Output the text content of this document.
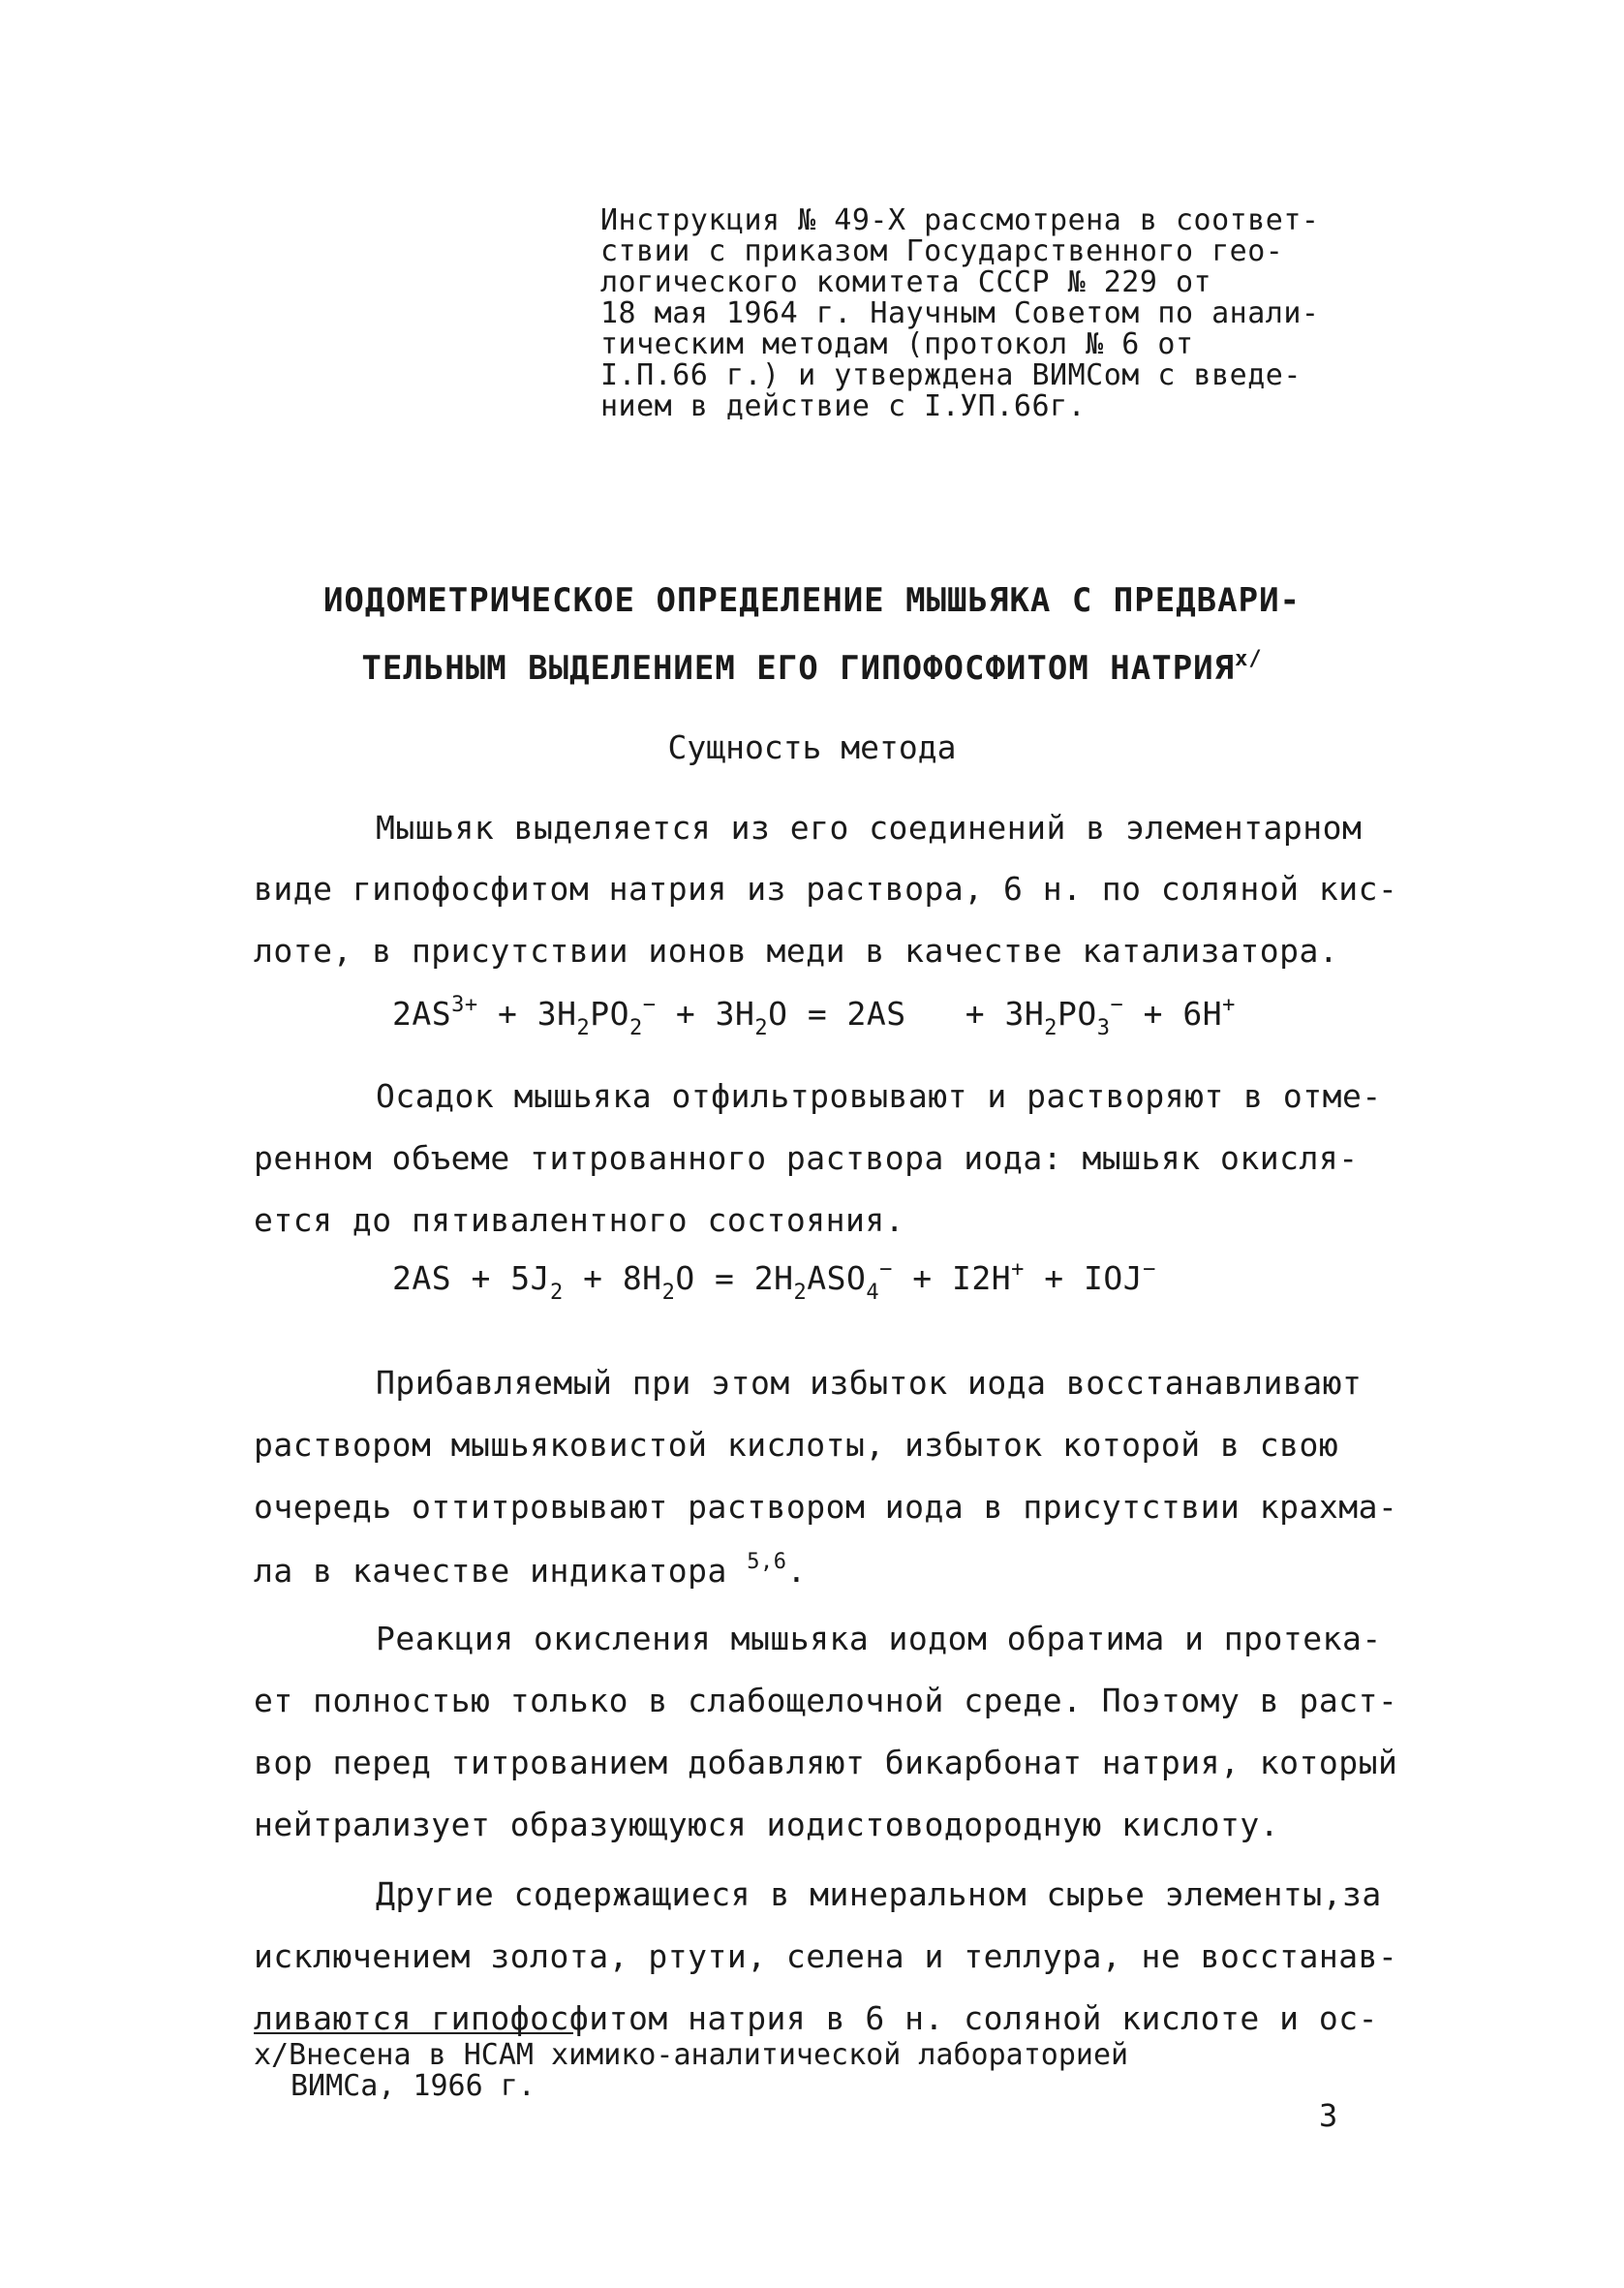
Инструкция № 49-Х рассмотрена в соответ-
ствии с приказом Государственного гео-
логического комитета СССР № 229 от
18 мая 1964 г. Научным Советом по анали-
тическим методам (протокол № 6 от
I.П.66 г.) и утверждена ВИМСом с введе-
нием в действие с I.УП.66г.
ИОДОМЕТРИЧЕСКОЕ ОПРЕДЕЛЕНИЕ МЫШЬЯКА С ПРЕДВАРИ-
ТЕЛЬНЫМ ВЫДЕЛЕНИЕМ ЕГО ГИПОФОСФИТОМ $НАТРИЯ^{х/}$
Сущность метода
Мышьяк выделяется из его соединений в элементарном
виде гипофосфитом натрия из раствора, 6 н. по соляной кис-
лоте, в присутствии ионов меди в качестве катализатора.
$2AS^{3+} + 3H_2PO_2^- + 3H_2O = 2AS + 3H_2PO_3^- + 6H^+$
Осадок мышьяка отфильтровывают и растворяют в отме-
ренном объеме титрованного раствора иода: мышьяк окисля-
ется до пятивалентного состояния.
$2AS + 5J_2 + 8H_2O = 2H_2ASO_4^- + I2H^+ + IOJ^-$
Прибавляемый при этом избыток иода восстанавливают
раствором мышьяковистой кислоты, избыток которой в свою
очередь оттитровывают раствором иода в присутствии крахма-
ла в качестве индикатора $^{5,6}$.
Реакция окисления мышьяка иодом обратима и протека-
ет полностью только в слабощелочной среде. Поэтому в раст-
вор перед титрованием добавляют бикарбонат натрия, который
нейтрализует образующуюся иодистоводородную кислоту.
Другие содержащиеся в минеральном сырье элементы,за
исключением золота, ртути, селена и теллура, не восстанав-
ливаются гипофосфитом натрия в 6 н. соляной кислоте и ос-
х/Внесена в НСАМ химико-аналитической лабораторией
ВИМСа, 1966 г.
3
